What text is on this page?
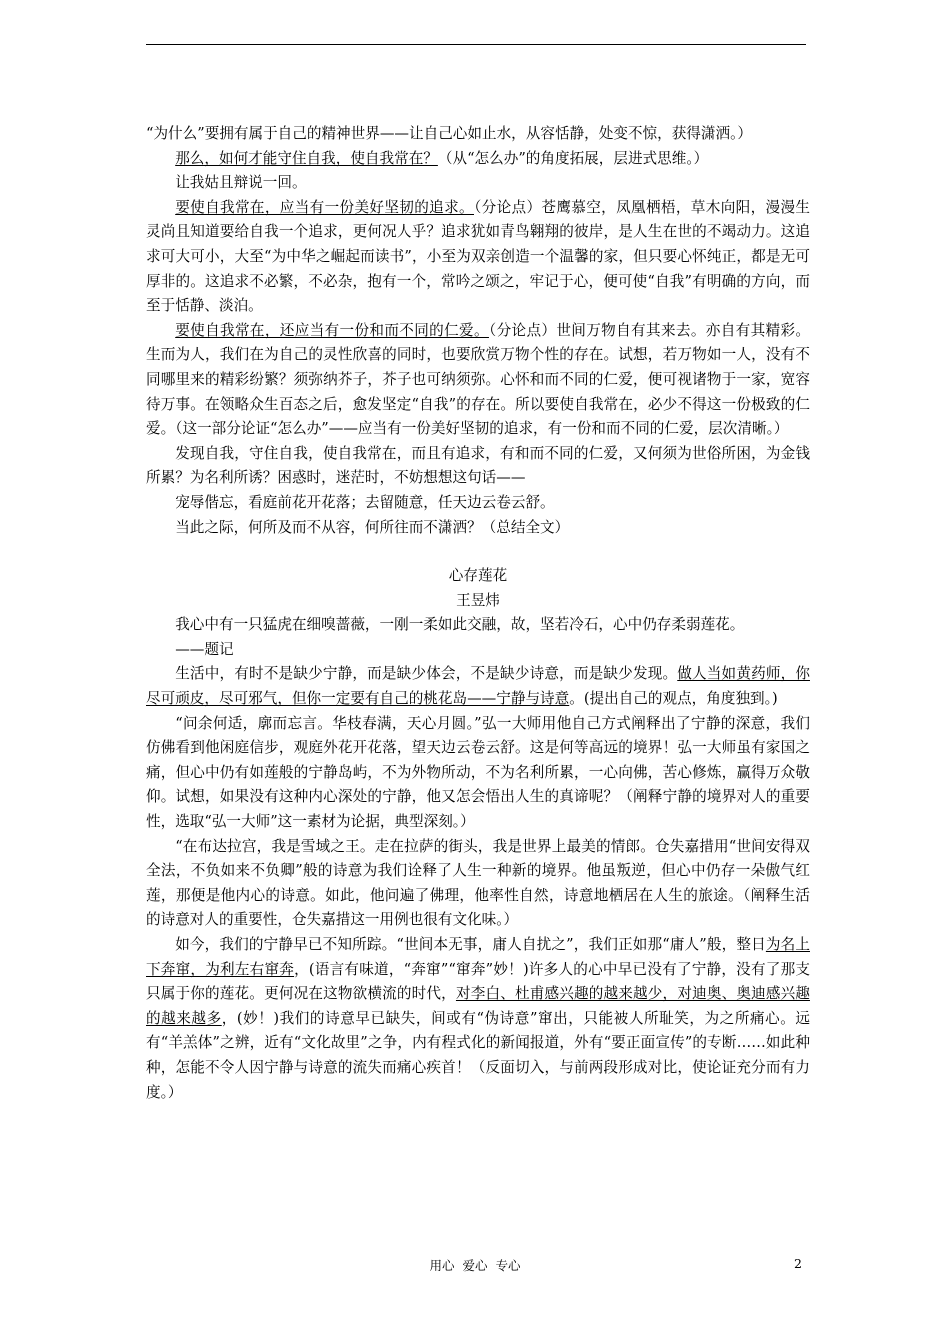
“为什么”要拥有属于自己的精神世界——让自己心如止水，从容恬静，处变不惊，获得潇洒。）

那么，如何才能守住自我，使自我常在？（从“怎么办”的角度拓展，层进式思维。）

让我姑且辩说一回。

要使自我常在，应当有一份美好坚韧的追求。（分论点）苍鹰慕空，凤凰栖梧，草木向阳，漫漫生灵尚且知道要给自我一个追求，更何况人乎？追求犹如青鸟翱翔的彼岸，是人生在世的不竭动力。这追求可大可小，大至“为中华之崛起而读书”，小至为双亲创造一个温馨的家，但只要心怀纯正，都是无可厚非的。这追求不必繁，不必杂，抱有一个，常吟之颂之，牢记于心，便可使“自我”有明确的方向，而至于恬静、淡泊。

要使自我常在，还应当有一份和而不同的仁爱。（分论点）世间万物自有其来去。亦自有其精彩。生而为人，我们在为自己的灵性欣喜的同时，也要欣赏万物个性的存在。试想，若万物如一人，没有不同哪里来的精彩纷繁？须弥纳芥子，芥子也可纳须弥。心怀和而不同的仁爱，便可视诸物于一家，宽容待万事。在领略众生百态之后，愈发坚定“自我”的存在。所以要使自我常在，必少不得这一份极致的仁爱。（这一部分论证“怎么办”——应当有一份美好坚韧的追求，有一份和而不同的仁爱，层次清晰。）

发现自我，守住自我，使自我常在，而且有追求，有和而不同的仁爱，又何须为世俗所困，为金钱所累？为名利所诱？困惑时，迷茫时，不妨想想这句话——

宠辱偕忘，看庭前花开花落；去留随意，任天边云卷云舒。

当此之际，何所及而不从容，何所往而不潇洒？（总结全文）

心存莲花

王昱炜

我心中有一只猛虎在细嗅蔷薇，一刚一柔如此交融，故，坚若冷石，心中仍存柔弱莲花。

——题记

生活中，有时不是缺少宁静，而是缺少体会，不是缺少诗意，而是缺少发现。做人当如黄药师，你尽可顽皮，尽可邪气，但你一定要有自己的桃花岛——宁静与诗意。(提出自己的观点，角度独到。)

“问余何适，廓而忘言。华枝春满，天心月圆。”弘一大师用他自己方式阐释出了宁静的深意，我们仿佛看到他闲庭信步，观庭外花开花落，望天边云卷云舒。这是何等高远的境界！弘一大师虽有家国之痛，但心中仍有如莲般的宁静岛屿，不为外物所动，不为名利所累，一心向佛，苦心修炼，赢得万众敬仰。试想，如果没有这种内心深处的宁静，他又怎会悟出人生的真谛呢？（阐释宁静的境界对人的重要性，选取“弘一大师”这一素材为论据，典型深刻。）

“在布达拉宫，我是雪域之王。走在拉萨的街头，我是世界上最美的情郎。仓失嘉措用“世间安得双全法，不负如来不负卿”般的诗意为我们诠释了人生一种新的境界。他虽叛逆，但心中仍存一朵傲气红莲，那便是他内心的诗意。如此，他问遍了佛理，他率性自然，诗意地栖居在人生的旅途。（阐释生活的诗意对人的重要性，仓失嘉措这一用例也很有文化味。）

如今，我们的宁静早已不知所踪。“世间本无事，庸人自扰之”，我们正如那“庸人”般，整日为名上下奔窜，为利左右窜奔，(语言有味道，“奔窜”“窜奔”妙！)许多人的心中早已没有了宁静，没有了那支只属于你的莲花。更何况在这物欲横流的时代，对李白、杜甫感兴趣的越来越少，对迪奥、奥迪感兴趣的越来越多，(妙！)我们的诗意早已缺失，间或有“伪诗意”窜出，只能被人所耻笑，为之所痛心。远有“羊羔体”之辨，近有“文化故里”之争，内有程式化的新闻报道，外有“要正面宣传”的专断……如此种种，怎能不令人因宁静与诗意的流失而痛心疾首！（反面切入，与前两段形成对比，使论证充分而有力度。）

用心  爱心  专心	2
